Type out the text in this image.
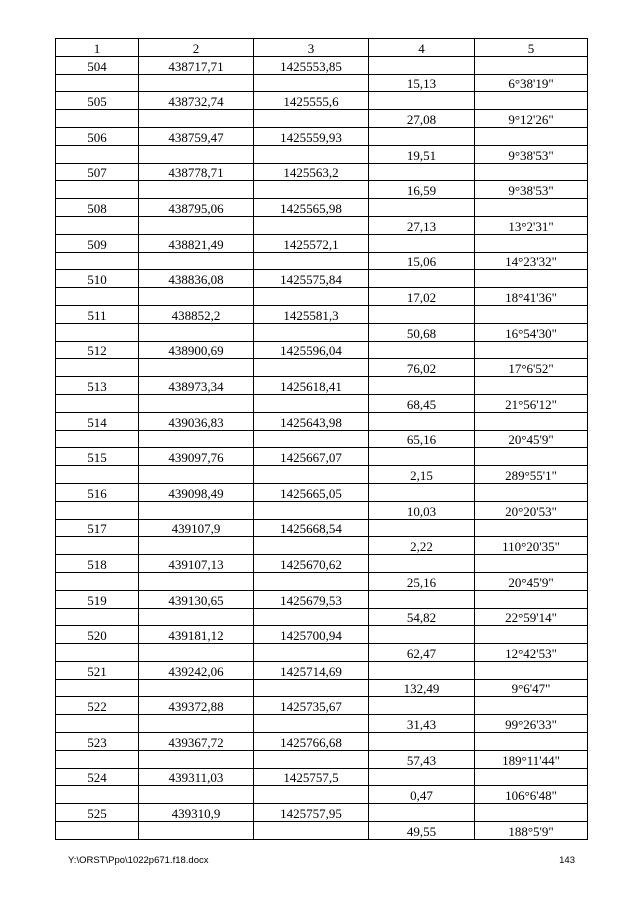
1	2	3	4	5
504	438717,71	1425553,85		
			15,13	6°38'19"
505	438732,74	1425555,6		
			27,08	9°12'26"
506	438759,47	1425559,93		
			19,51	9°38'53"
507	438778,71	1425563,2		
			16,59	9°38'53"
508	438795,06	1425565,98		
			27,13	13°2'31"
509	438821,49	1425572,1		
			15,06	14°23'32"
510	438836,08	1425575,84		
			17,02	18°41'36"
511	438852,2	1425581,3		
			50,68	16°54'30"
512	438900,69	1425596,04		
			76,02	17°6'52"
513	438973,34	1425618,41		
			68,45	21°56'12"
514	439036,83	1425643,98		
			65,16	20°45'9"
515	439097,76	1425667,07		
			2,15	289°55'1"
516	439098,49	1425665,05		
			10,03	20°20'53"
517	439107,9	1425668,54		
			2,22	110°20'35"
518	439107,13	1425670,62		
			25,16	20°45'9"
519	439130,65	1425679,53		
			54,82	22°59'14"
520	439181,12	1425700,94		
			62,47	12°42'53"
521	439242,06	1425714,69		
			132,49	9°6'47"
522	439372,88	1425735,67		
			31,43	99°26'33"
523	439367,72	1425766,68		
			57,43	189°11'44"
524	439311,03	1425757,5		
			0,47	106°6'48"
525	439310,9	1425757,95		
			49,55	188°5'9"
Y:\ORST\Ppo\1022p671.f18.docx	143
